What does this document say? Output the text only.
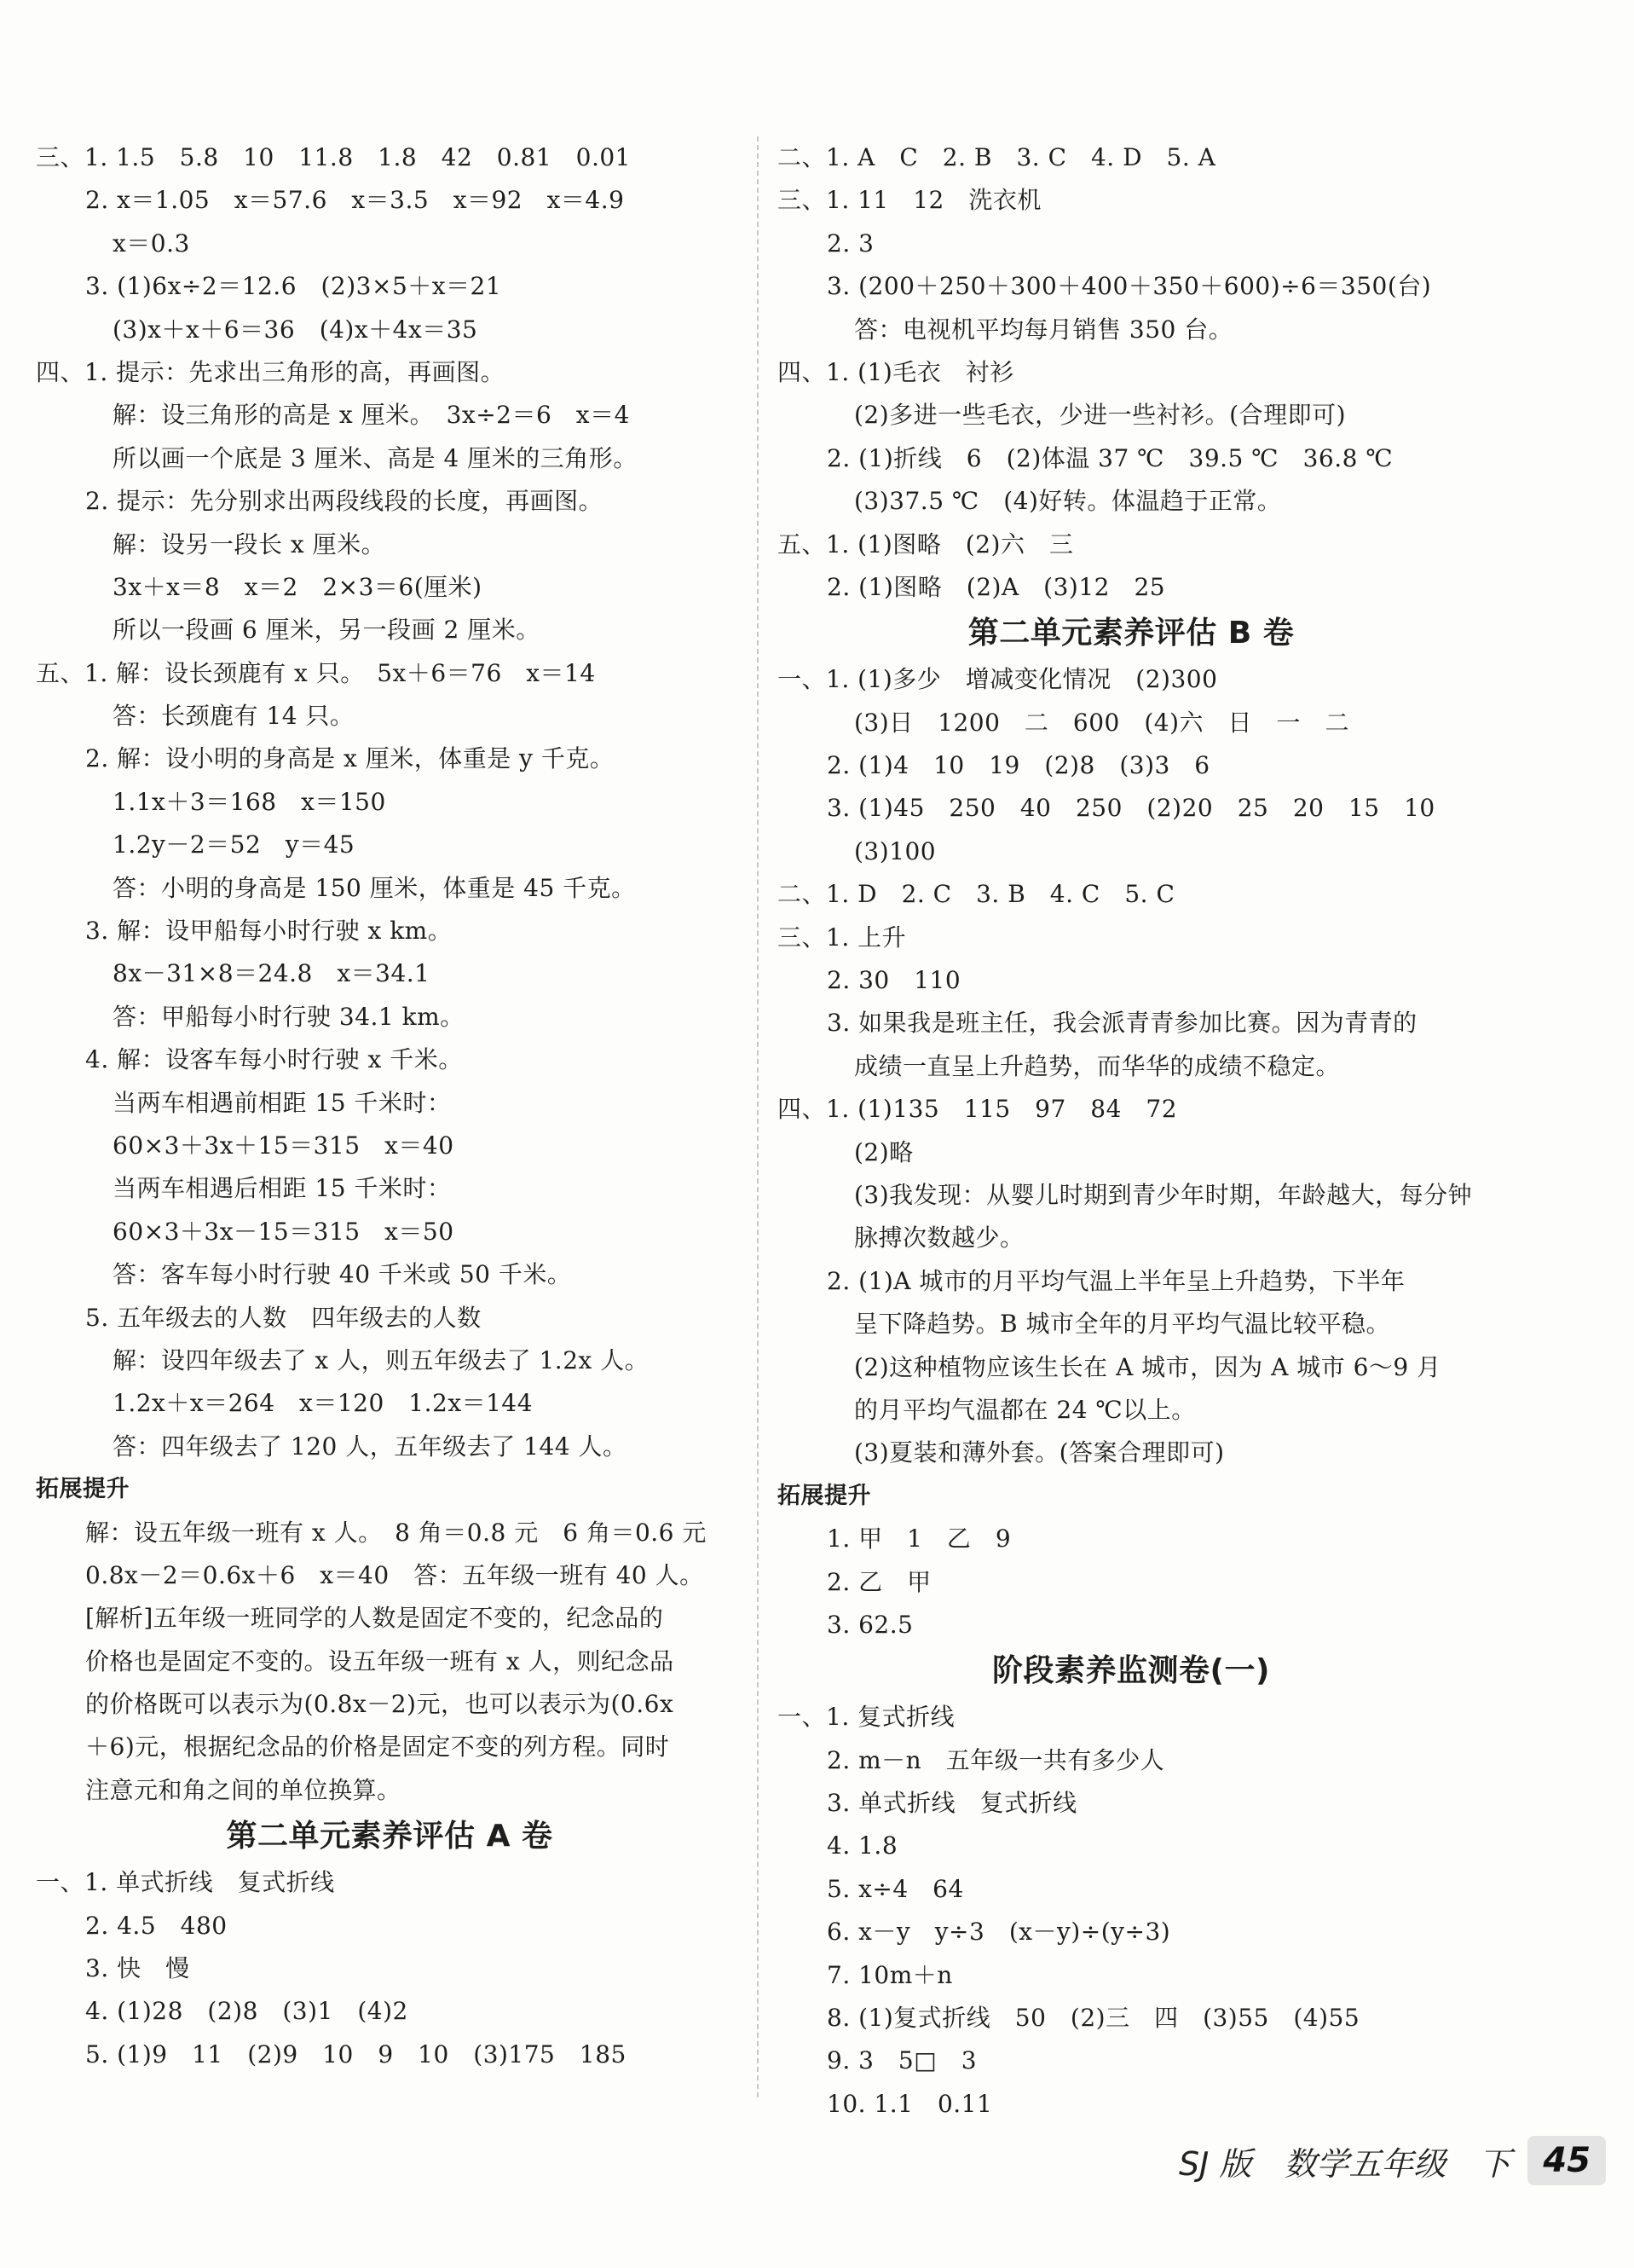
三、1. 1.5　5.8　10　11.8　1.8　42　0.81　0.01
2. x＝1.05　x＝57.6　x＝3.5　x＝92　x＝4.9
x＝0.3
3. (1)6x÷2＝12.6　(2)3×5＋x＝21
(3)x＋x＋6＝36　(4)x＋4x＝35
四、1. 提示：先求出三角形的高，再画图。
解：设三角形的高是 x 厘米。　3x÷2＝6　x＝4
所以画一个底是 3 厘米、高是 4 厘米的三角形。
2. 提示：先分别求出两段线段的长度，再画图。
解：设另一段长 x 厘米。
3x＋x＝8　x＝2　2×3＝6(厘米)
所以一段画 6 厘米，另一段画 2 厘米。
五、1. 解：设长颈鹿有 x 只。　5x＋6＝76　x＝14
答：长颈鹿有 14 只。
2. 解：设小明的身高是 x 厘米，体重是 y 千克。
1.1x＋3＝168　x＝150
1.2y－2＝52　y＝45
答：小明的身高是 150 厘米，体重是 45 千克。
3. 解：设甲船每小时行驶 x km。
8x－31×8＝24.8　x＝34.1
答：甲船每小时行驶 34.1 km。
4. 解：设客车每小时行驶 x 千米。
当两车相遇前相距 15 千米时：
60×3＋3x＋15＝315　x＝40
当两车相遇后相距 15 千米时：
60×3＋3x－15＝315　x＝50
答：客车每小时行驶 40 千米或 50 千米。
5. 五年级去的人数　四年级去的人数
解：设四年级去了 x 人，则五年级去了 1.2x 人。
1.2x＋x＝264　x＝120　1.2x＝144
答：四年级去了 120 人，五年级去了 144 人。
拓展提升
解：设五年级一班有 x 人。　8 角＝0.8 元　6 角＝0.6 元
0.8x－2＝0.6x＋6　x＝40　答：五年级一班有 40 人。
[解析]五年级一班同学的人数是固定不变的，纪念品的
价格也是固定不变的。设五年级一班有 x 人，则纪念品
的价格既可以表示为(0.8x－2)元，也可以表示为(0.6x
＋6)元，根据纪念品的价格是固定不变的列方程。同时
注意元和角之间的单位换算。
第二单元素养评估 A 卷
一、1. 单式折线　复式折线
2. 4.5　480
3. 快　慢
4. (1)28　(2)8　(3)1　(4)2
5. (1)9　11　(2)9　10　9　10　(3)175　185
二、1. A　C　2. B　3. C　4. D　5. A
三、1. 11　12　洗衣机
2. 3
3. (200＋250＋300＋400＋350＋600)÷6＝350(台)
答：电视机平均每月销售 350 台。
四、1. (1)毛衣　衬衫
(2)多进一些毛衣，少进一些衬衫。(合理即可)
2. (1)折线　6　(2)体温 37 ℃　39.5 ℃　36.8 ℃
(3)37.5 ℃　(4)好转。体温趋于正常。
五、1. (1)图略　(2)六　三
2. (1)图略　(2)A　(3)12　25
第二单元素养评估 B 卷
一、1. (1)多少　增减变化情况　(2)300
(3)日　1200　二　600　(4)六　日　一　二
2. (1)4　10　19　(2)8　(3)3　6
3. (1)45　250　40　250　(2)20　25　20　15　10
(3)100
二、1. D　2. C　3. B　4. C　5. C
三、1. 上升
2. 30　110
3. 如果我是班主任，我会派青青参加比赛。因为青青的
成绩一直呈上升趋势，而华华的成绩不稳定。
四、1. (1)135　115　97　84　72
(2)略
(3)我发现：从婴儿时期到青少年时期，年龄越大，每分钟
脉搏次数越少。
2. (1)A 城市的月平均气温上半年呈上升趋势，下半年
呈下降趋势。B 城市全年的月平均气温比较平稳。
(2)这种植物应该生长在 A 城市，因为 A 城市 6～9 月
的月平均气温都在 24 ℃以上。
(3)夏装和薄外套。(答案合理即可)
拓展提升
1. 甲　1　乙　9
2. 乙　甲
3. 62.5
阶段素养监测卷(一)
一、1. 复式折线
2. m－n　五年级一共有多少人
3. 单式折线　复式折线
4. 1.8
5. x÷4　64
6. x－y　y÷3　(x－y)÷(y÷3)
7. 10m＋n
8. (1)复式折线　50　(2)三　四　(3)55　(4)55
9. 3　5□　3
10. 1.1　0.11
SJ 版　数学五年级　下 45
